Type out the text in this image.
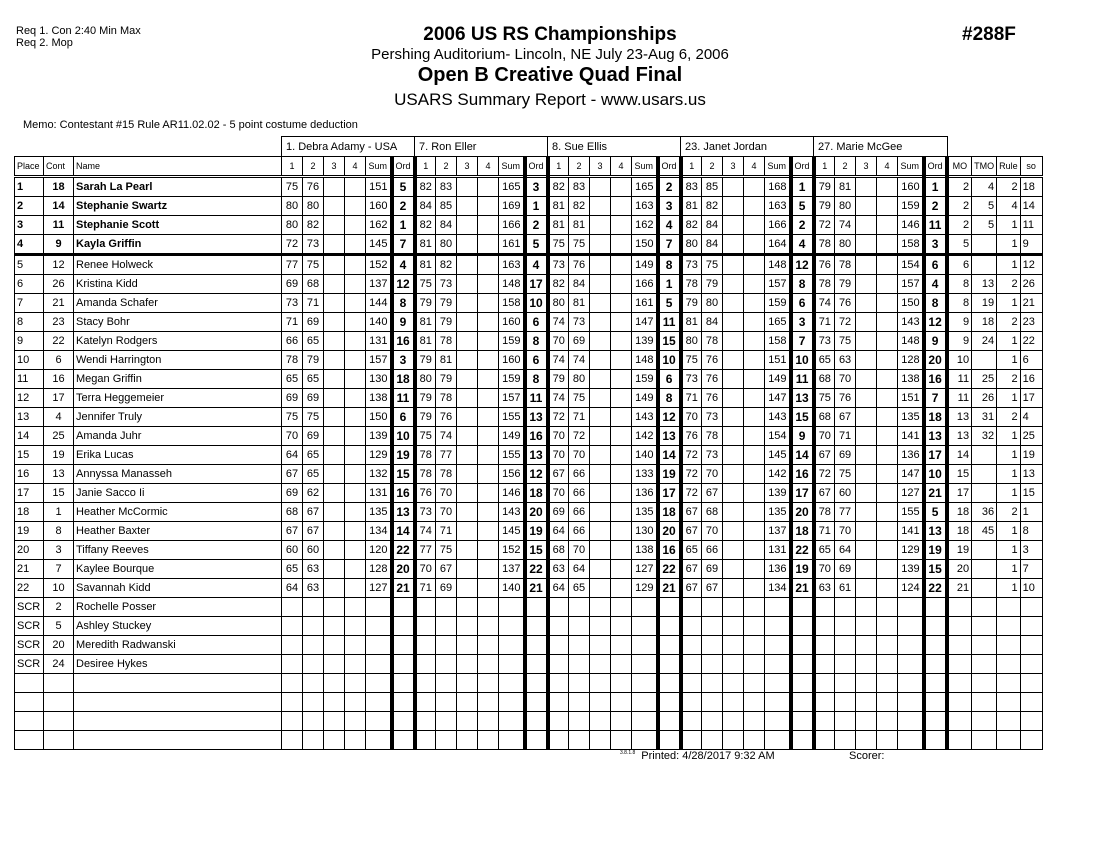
Req 1. Con 2:40 Min Max
Req 2. Mop	2006 US RS Championships
Pershing Auditorium- Lincoln, NE July 23-Aug 6, 2006
Open B Creative Quad Final
USARS Summary Report - www.usars.us
#288F
Memo: Contestant #15 Rule AR11.02.02 - 5 point costume deduction
1. Debra Adamy - USA	7. Ron Eller	8. Sue Ellis	23. Janet Jordan	27. Marie McGee
Place	Cont	Name	1	2	3	4	Sum	Ord	1	2	3	4	Sum	Ord	1	2	3	4	Sum	Ord	1	2	3	4	Sum	Ord	1	2	3	4	Sum	Ord	MO	TMO	Rule	so
1	18	Sarah La Pearl	75	76			151	5	82	83			165	3	82	83			165	2	83	85			168	1	79	81			160	1	2	4	2	18
2	14	Stephanie Swartz	80	80			160	2	84	85			169	1	81	82			163	3	81	82			163	5	79	80			159	2	2	5	4	14
3	11	Stephanie Scott	80	82			162	1	82	84			166	2	81	81			162	4	82	84			166	2	72	74			146	11	2	5	1	11
4	9	Kayla Griffin	72	73			145	7	81	80			161	5	75	75			150	7	80	84			164	4	78	80			158	3	5		1	9
5	12	Renee Holweck	77	75			152	4	81	82			163	4	73	76			149	8	73	75			148	12	76	78			154	6	6		1	12
6	26	Kristina Kidd	69	68			137	12	75	73			148	17	82	84			166	1	78	79			157	8	78	79			157	4	8	13	2	26
7	21	Amanda Schafer	73	71			144	8	79	79			158	10	80	81			161	5	79	80			159	6	74	76			150	8	8	19	1	21
8	23	Stacy Bohr	71	69			140	9	81	79			160	6	74	73			147	11	81	84			165	3	71	72			143	12	9	18	2	23
9	22	Katelyn Rodgers	66	65			131	16	81	78			159	8	70	69			139	15	80	78			158	7	73	75			148	9	9	24	1	22
10	6	Wendi Harrington	78	79			157	3	79	81			160	6	74	74			148	10	75	76			151	10	65	63			128	20	10		1	6
11	16	Megan Griffin	65	65			130	18	80	79			159	8	79	80			159	6	73	76			149	11	68	70			138	16	11	25	2	16
12	17	Terra Heggemeier	69	69			138	11	79	78			157	11	74	75			149	8	71	76			147	13	75	76			151	7	11	26	1	17
13	4	Jennifer Truly	75	75			150	6	79	76			155	13	72	71			143	12	70	73			143	15	68	67			135	18	13	31	2	4
14	25	Amanda Juhr	70	69			139	10	75	74			149	16	70	72			142	13	76	78			154	9	70	71			141	13	13	32	1	25
15	19	Erika Lucas	64	65			129	19	78	77			155	13	70	70			140	14	72	73			145	14	67	69			136	17	14		1	19
16	13	Annyssa Manasseh	67	65			132	15	78	78			156	12	67	66			133	19	72	70			142	16	72	75			147	10	15		1	13
17	15	Janie Sacco Ii	69	62			131	16	76	70			146	18	70	66			136	17	72	67			139	17	67	60			127	21	17		1	15
18	1	Heather McCormic	68	67			135	13	73	70			143	20	69	66			135	18	67	68			135	20	78	77			155	5	18	36	2	1
19	8	Heather Baxter	67	67			134	14	74	71			145	19	64	66			130	20	67	70			137	18	71	70			141	13	18	45	1	8
20	3	Tiffany Reeves	60	60			120	22	77	75			152	15	68	70			138	16	65	66			131	22	65	64			129	19	19		1	3
21	7	Kaylee Bourque	65	63			128	20	70	67			137	22	63	64			127	22	67	69			136	19	70	69			139	15	20		1	7
22	10	Savannah Kidd	64	63			127	21	71	69			140	21	64	65			129	21	67	67			134	21	63	61			124	22	21		1	10
SCR	2	Rochelle Posser																																		
SCR	5	Ashley Stuckey																																		
SCR	20	Meredith Radwanski																																		
SCR	24	Desiree Hykes																																		

$^{3.8.1.8}$ Printed: 4/28/2017 9:32 AM	Scorer:
